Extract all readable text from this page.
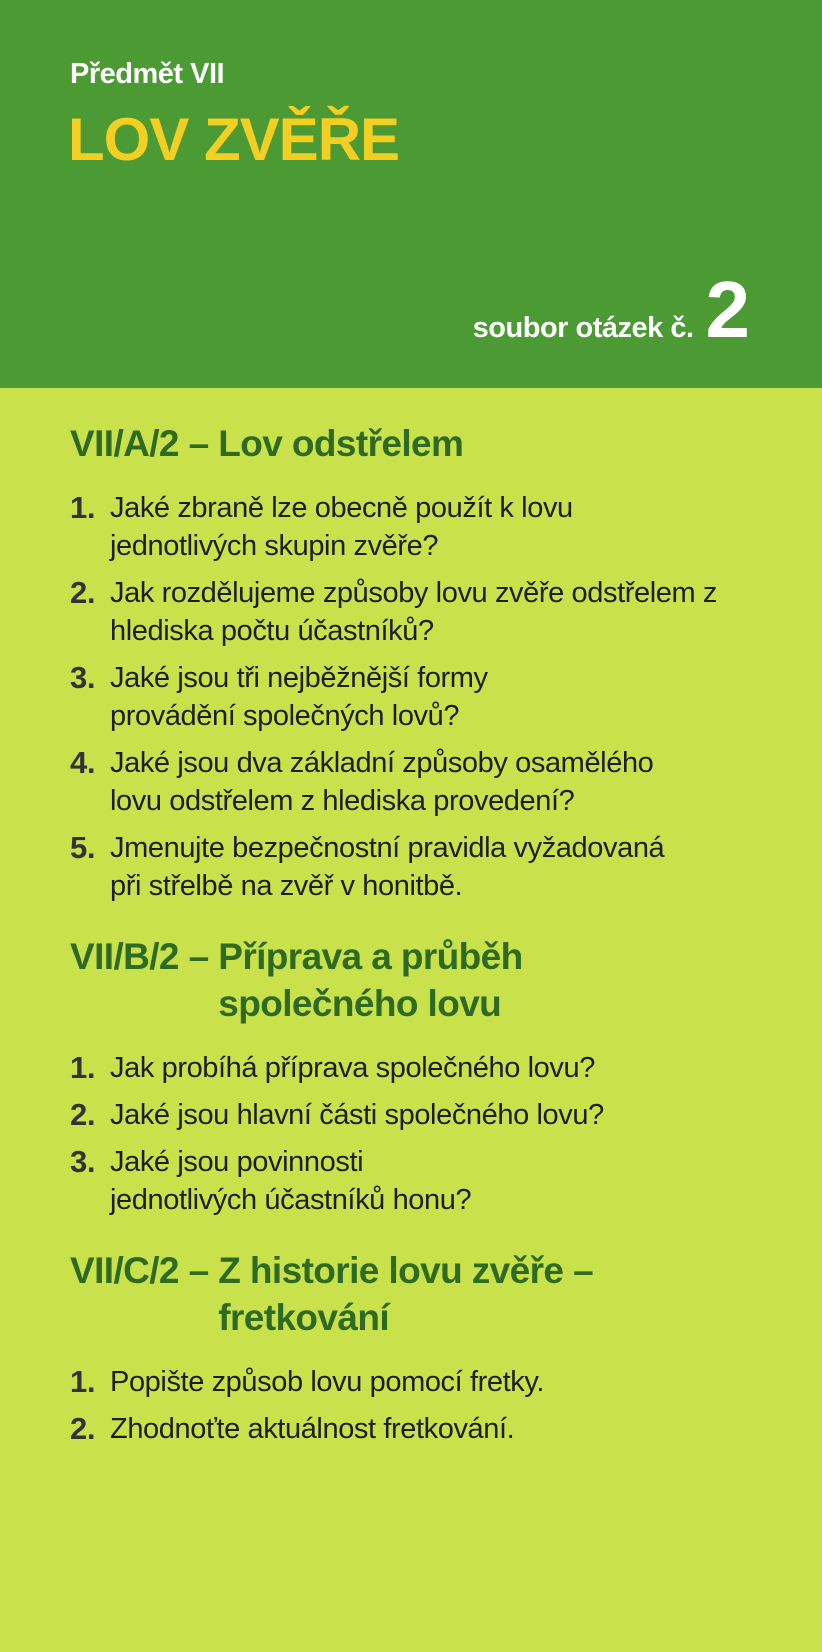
Předmět VII
LOV ZVĚŘE
soubor otázek č. 2
VII/A/2 – Lov odstřelem
1. Jaké zbraně lze obecně použít k lovu jednotlivých skupin zvěře?
2. Jak rozdělujeme způsoby lovu zvěře odstřelem z hlediska počtu účastníků?
3. Jaké jsou tři nejběžnější formy provádění společných lovů?
4. Jaké jsou dva základní způsoby osamělého lovu odstřelem z hlediska provedení?
5. Jmenujte bezpečnostní pravidla vyžadovaná při střelbě na zvěř v honitbě.
VII/B/2 – Příprava a průběh společného lovu
1. Jak probíhá příprava společného lovu?
2. Jaké jsou hlavní části společného lovu?
3. Jaké jsou povinnosti jednotlivých účastníků honu?
VII/C/2 – Z historie lovu zvěře – fretkování
1. Popište způsob lovu pomocí fretky.
2. Zhodnoťte aktuálnost fretkování.
